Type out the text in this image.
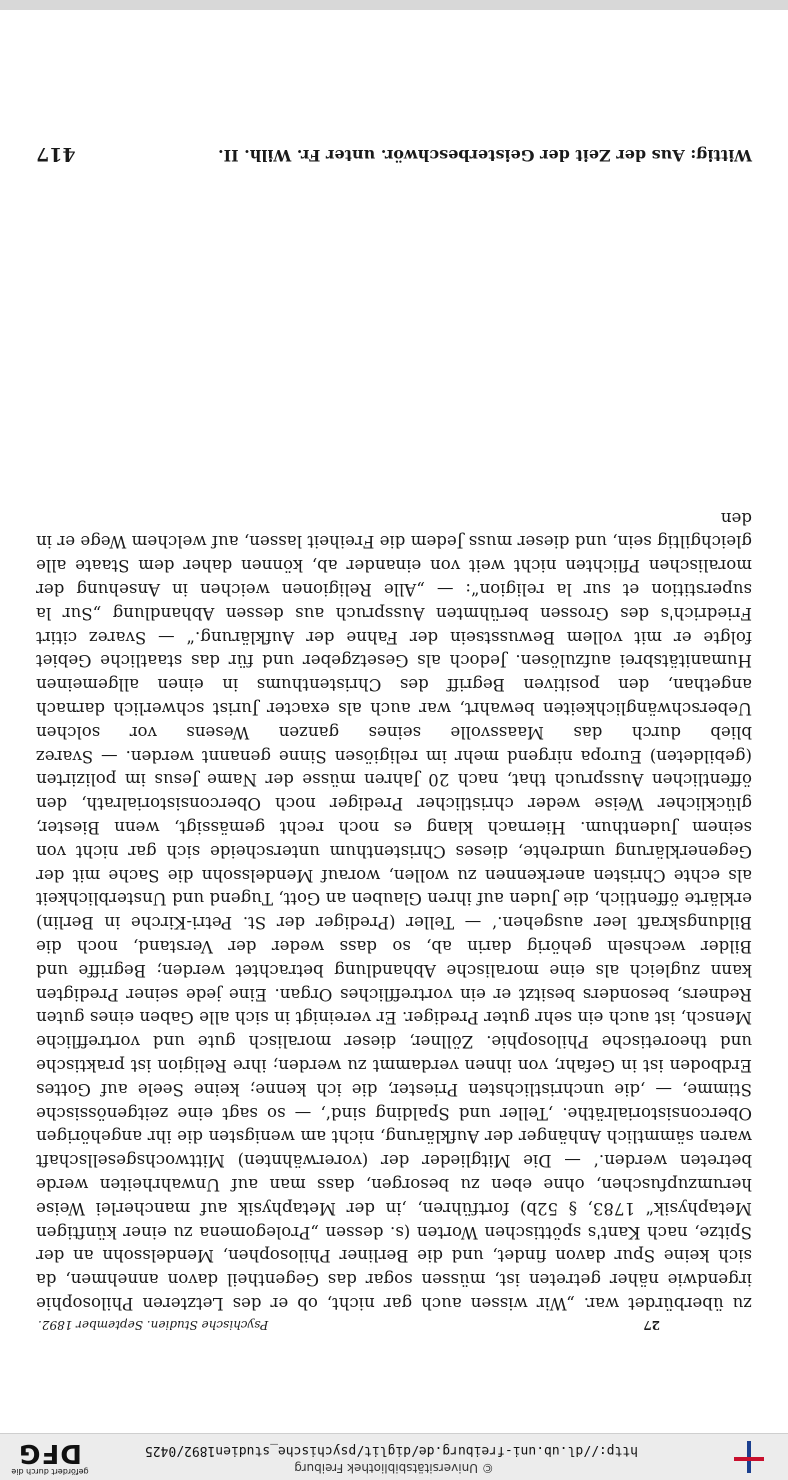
© Universitätsbibliothek Freiburg
http://dl.ub.uni-freiburg.de/diglit/psychische_studien1892/0425
gefördert durch die
DFG
27
Psychische Studien. September 1892.
Wittig: Aus der Zeit der Geisterbeschwör. unter Fr. Wilh. II.
417

zu überbürdet war. „Wir wissen auch gar nicht, ob er des Letzteren Philosophie irgendwie näher getreten ist, müssen sogar das Gegentheil davon annehmen, da sich keine Spur davon findet, und die Berliner Philosophen, Mendelssohn an der Spitze, nach Kant's spöttischen Worten (s. dessen „Prolegomena zu einer künftigen Metaphysik“ 1783, § 52b) fortführen, ‚in der Metaphysik auf mancherlei Weise herumzupfuschen, ohne eben zu besorgen, dass man auf Unwahrheiten werde betreten werden.‘ — Die Mitglieder der (vorerwähnten) Mittwochsgesellschaft waren sämmtlich Anhänger der Aufklärung, nicht am wenigsten die ihr angehörigen Oberconsistorialräthe. ‚Teller und Spalding sind‘, — so sagt eine zeitgenössische Stimme, — ‚die unchristlichsten Priester, die ich kenne; keine Seele auf Gottes Erdboden ist in Gefahr, von ihnen verdammt zu werden; ihre Religion ist praktische und theoretische Philosophie. Zöllner, dieser moralisch gute und vortreffliche Mensch, ist auch ein sehr guter Prediger. Er vereinigt in sich alle Gaben eines guten Redners, besonders besitzt er ein vortreffliches Organ. Eine jede seiner Predigten kann zugleich als eine moralische Abhandlung betrachtet werden; Begriffe und Bilder wechseln gehörig darin ab, so dass weder der Verstand, noch die Bildungskraft leer ausgehen.‘ — Teller (Prediger der St. Petri-Kirche in Berlin) erklärte öffentlich, die Juden auf ihren Glauben an Gott, Tugend und Unsterblichkeit als echte Christen anerkennen zu wollen, worauf Mendelssohn die Sache mit der Gegenerklärung umdrehte, dieses Christenthum unterscheide sich gar nicht von seinem Judenthum. Hiernach klang es noch recht gemässigt, wenn Biester, glücklicher Weise weder christlicher Prediger noch Oberconsistorialrath, den öffentlichen Ausspruch that, nach 20 Jahren müsse der Name Jesus im polizirten (gebildeten) Europa nirgend mehr im religiösen Sinne genannt werden. — Svarez blieb durch das Maassvolle seines ganzen Wesens vor solchen Ueberschwänglichkeiten bewahrt, war auch als exacter Jurist schwerlich darnach angethan, den positiven Begriff des Christenthums in einen allgemeinen Humanitätsbrei aufzulösen. Jedoch als Gesetzgeber und für das staatliche Gebiet folgte er mit vollem Bewusstsein der Fahne der Aufklärung.“ — Svarez citirt Friedrich's des Grossen berühmten Ausspruch aus dessen Abhandlung „Sur la superstition et sur la religion“: — „Alle Religionen weichen in Ansehung der moralischen Pflichten nicht weit von einander ab, können daher dem Staate alle gleichgiltig sein, und dieser muss Jedem die Freiheit lassen, auf welchem Wege er in den
